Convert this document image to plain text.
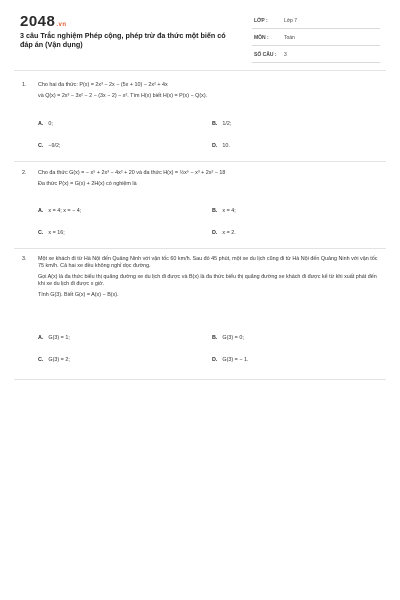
2048.vn
3 câu Trắc nghiệm Phép cộng, phép trừ đa thức một biến có đáp án (Vận dụng)
LỚP :	Lớp 7
MÔN :	Toán
SỐ CÂU : 3
1. Cho hai đa thức: P(x) = 2x³ − 2x − (5x + 10) − 2x² + 4x
và Q(x) = 2x³ − 3x² − 2 − (3x − 2) − x². Tìm H(x) biết H(x) = P(x) − Q(x).
A. 0;	B. 1/2;
C. −9/2;	D. 10.
2. Cho đa thức G(x) = − x⁵ + 2x³ − 4x² + 20 và đa thức H(x) = ½x⁵ − x³ + 2x² − 18
Đa thức P(x) = G(x) + 2H(x) có nghiệm là
A. x = 4; x = − 4;	B. x = 4;
C. x = 16;	D. x = 2.
3. Một xe khách đi từ Hà Nội đến Quảng Ninh với vận tốc 60 km/h. Sau đó 45 phút, một xe du lịch cũng đi từ Hà Nội đến Quảng Ninh với vận tốc 75 km/h. Cả hai xe đều không nghỉ dọc đường.
Gọi A(x) là đa thức biểu thị quãng đường xe du lịch đi được và B(x) là đa thức biểu thị quãng đường xe khách đi được kể từ khi xuất phát đến khi xe du lịch đi được x giờ.
Tính G(3). Biết G(x) = A(x) − B(x).
A. G(3) = 1;	B. G(3) = 0;
C. G(3) = 2;	D. G(3) = − 1.
